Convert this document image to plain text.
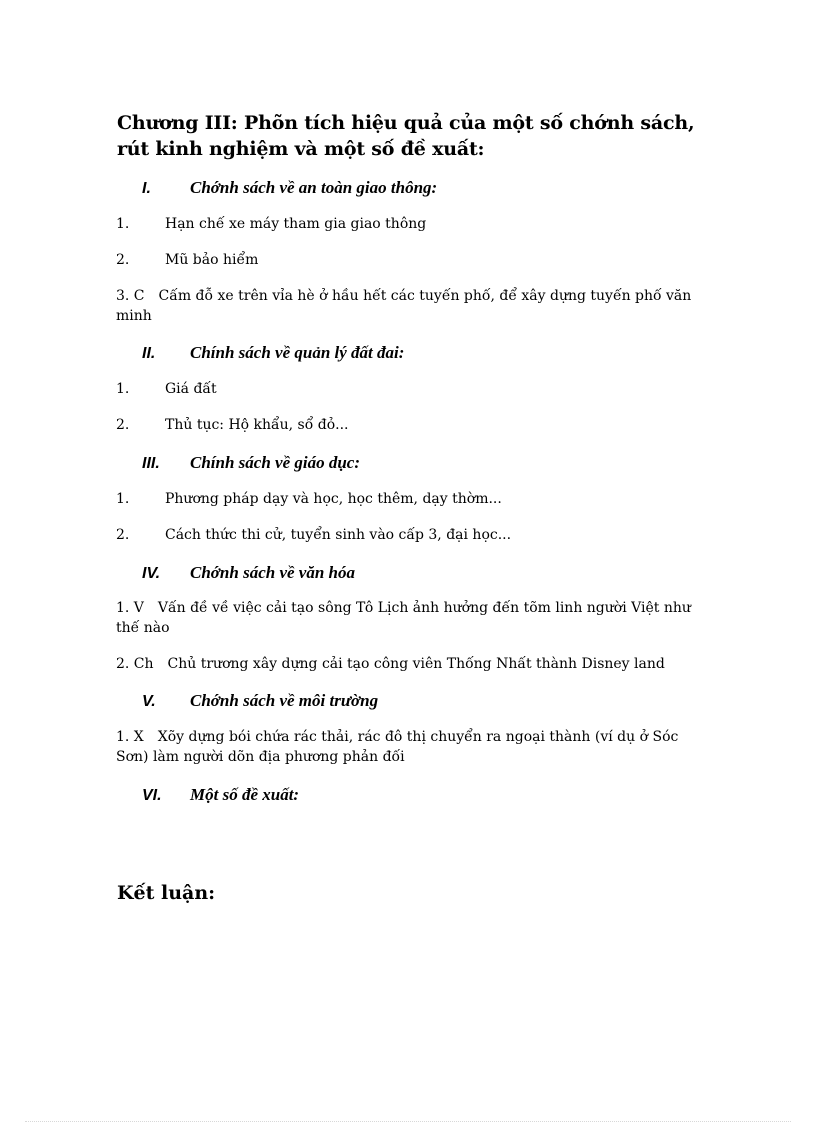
Chương III: Phõn tích hiệu quả của một số chớnh sách, rút kinh nghiệm và một số đề xuất:
I. Chớnh sách về an toàn giao thông:
1.	Hạn chế xe máy tham gia giao thông
2.	Mũ bảo hiểm
3. C Cấm đỗ xe trên vỉa hè ở hầu hết các tuyến phố, để xây dựng tuyến phố văn minh
II. Chính sách về quản lý đất đai:
1.	Giá đất
2.	Thủ tục: Hộ khẩu, sổ đỏ...
III. Chính sách về giáo dục:
1.	Phương pháp dạy và học, học thêm, dạy thờm...
2.	Cách thức thi cử, tuyển sinh vào cấp 3, đại học...
IV. Chớnh sách về văn hóa
1. V Vấn đề về việc cải tạo sông Tô Lịch ảnh hưởng đến tõm linh người Việt như thế nào
2. Ch Chủ trương xây dựng cải tạo công viên Thống Nhất thành Disney land
V. Chớnh sách về môi trường
1. X Xõy dựng bói chứa rác thải, rác đô thị chuyển ra ngoại thành (ví dụ ở Sóc Sơn) làm người dõn địa phương phản đối
VI. Một số đề xuất:
Kết luận:
